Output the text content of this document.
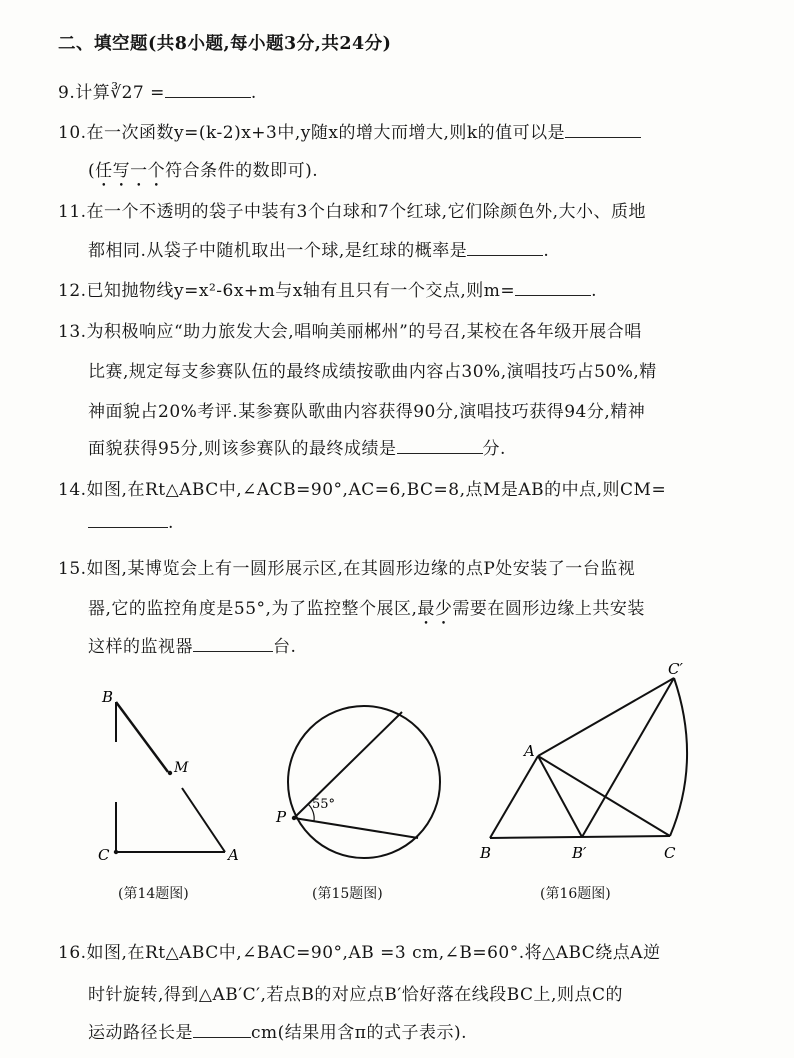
二、填空题(共8小题,每小题3分,共24分)
9.计算∛27 =	.
10.在一次函数y=(k-2)x+3中,y随x的增大而增大,则k的值可以是
(任写一个符合条件的数即可).
11.在一个不透明的袋子中装有3个白球和7个红球,它们除颜色外,大小、质地
都相同.从袋子中随机取出一个球,是红球的概率是	.
12.已知抛物线y=x²-6x+m与x轴有且只有一个交点,则m=	.
13.为积极响应“助力旅发大会,唱响美丽郴州”的号召,某校在各年级开展合唱
比赛,规定每支参赛队伍的最终成绩按歌曲内容占30%,演唱技巧占50%,精
神面貌占20%考评.某参赛队歌曲内容获得90分,演唱技巧获得94分,精神
面貌获得95分,则该参赛队的最终成绩是	分.
14.如图,在Rt△ABC中,∠ACB=90°,AC=6,BC=8,点M是AB的中点,则CM=
.
15.如图,某博览会上有一圆形展示区,在其圆形边缘的点P处安装了一台监视
器,它的监控角度是55°,为了监控整个展区,最少需要在圆形边缘上共安装
这样的监视器	台.
B
M
C	A
(第14题图)
P
55°
(第15题图)
A
B	B′	C
C′
(第16题图)
16.如图,在Rt△ABC中,∠BAC=90°,AB =3 cm,∠B=60°.将△ABC绕点A逆
时针旋转,得到△AB′C′,若点B的对应点B′恰好落在线段BC上,则点C的
运动路径长是	cm(结果用含π的式子表示).
